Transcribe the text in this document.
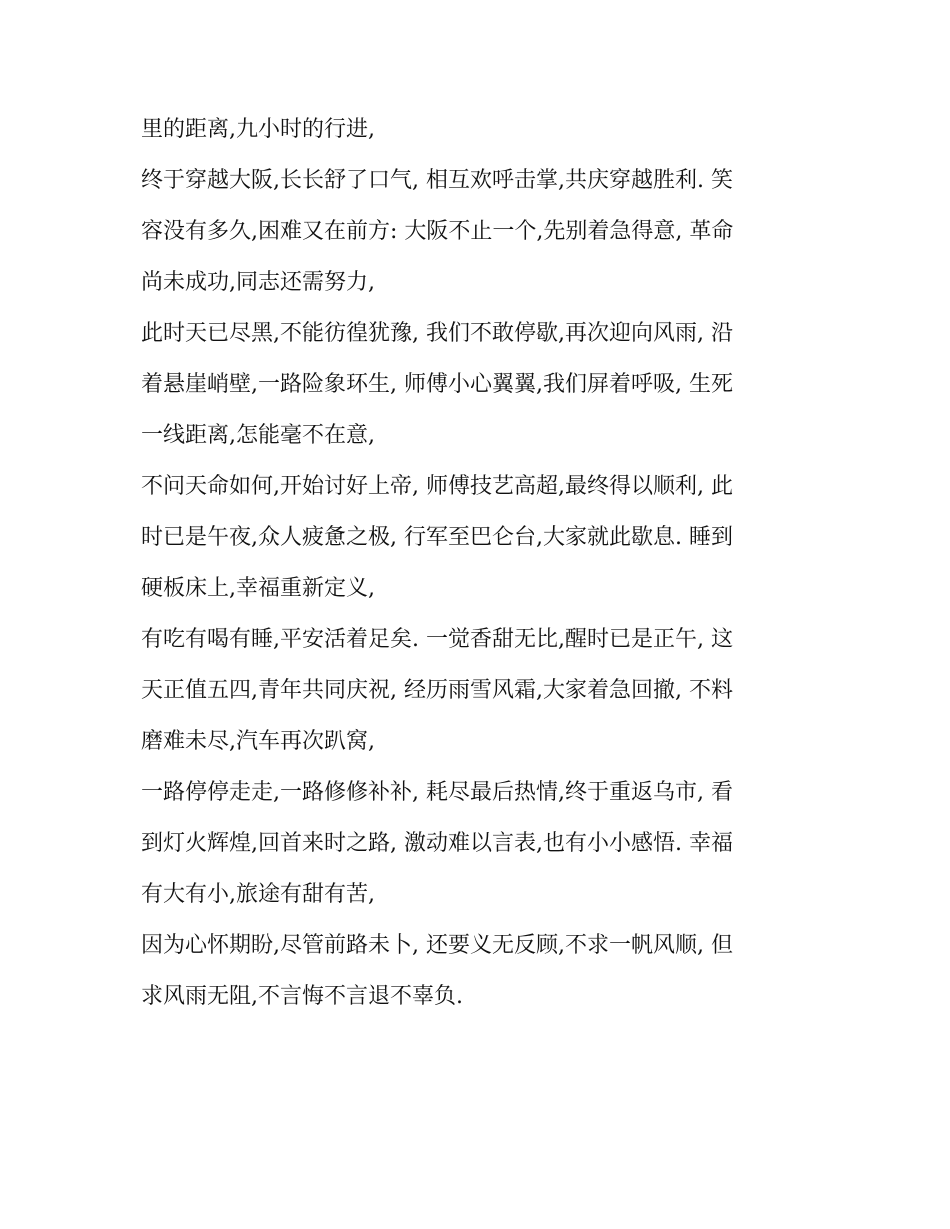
里的距离,九小时的行进,
终于穿越大阪,长长舒了口气, 相互欢呼击掌,共庆穿越胜利. 笑
容没有多久,困难又在前方: 大阪不止一个,先别着急得意, 革命
尚未成功,同志还需努力,
此时天已尽黑,不能彷徨犹豫, 我们不敢停歇,再次迎向风雨, 沿
着悬崖峭壁,一路险象环生, 师傅小心翼翼,我们屏着呼吸, 生死
一线距离,怎能毫不在意,
不问天命如何,开始讨好上帝, 师傅技艺高超,最终得以顺利, 此
时已是午夜,众人疲惫之极, 行军至巴仑台,大家就此歇息. 睡到
硬板床上,幸福重新定义,
有吃有喝有睡,平安活着足矣. 一觉香甜无比,醒时已是正午, 这
天正值五四,青年共同庆祝, 经历雨雪风霜,大家着急回撤, 不料
磨难未尽,汽车再次趴窝,
一路停停走走,一路修修补补, 耗尽最后热情,终于重返乌市, 看
到灯火辉煌,回首来时之路, 激动难以言表,也有小小感悟. 幸福
有大有小,旅途有甜有苦,
因为心怀期盼,尽管前路未卜, 还要义无反顾,不求一帆风顺, 但
求风雨无阻,不言悔不言退不辜负.
